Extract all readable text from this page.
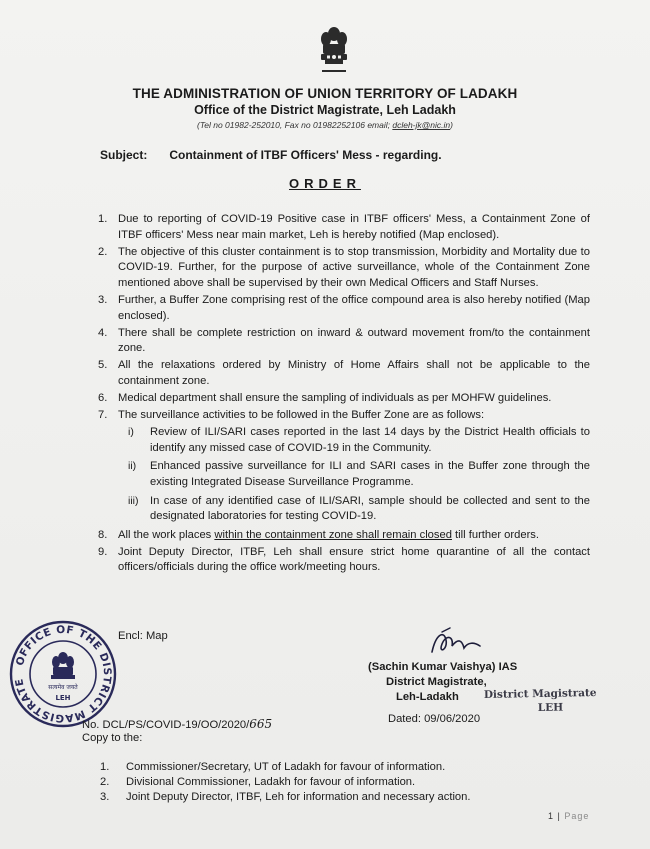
THE ADMINISTRATION OF UNION TERRITORY OF LADAKH
Office of the District Magistrate, Leh Ladakh
(Tel no 01982-252010, Fax no 01982252106 email; dcleh-jk@nic.in)
Subject: Containment of ITBF Officers' Mess - regarding.
ORDER
1. Due to reporting of COVID-19 Positive case in ITBF officers' Mess, a Containment Zone of ITBF officers' Mess near main market, Leh is hereby notified (Map enclosed).
2. The objective of this cluster containment is to stop transmission, Morbidity and Mortality due to COVID-19. Further, for the purpose of active surveillance, whole of the Containment Zone mentioned above shall be supervised by their own Medical Officers and Staff Nurses.
3. Further, a Buffer Zone comprising rest of the office compound area is also hereby notified (Map enclosed).
4. There shall be complete restriction on inward & outward movement from/to the containment zone.
5. All the relaxations ordered by Ministry of Home Affairs shall not be applicable to the containment zone.
6. Medical department shall ensure the sampling of individuals as per MOHFW guidelines.
7. The surveillance activities to be followed in the Buffer Zone are as follows:
i) Review of ILI/SARI cases reported in the last 14 days by the District Health officials to identify any missed case of COVID-19 in the Community.
ii) Enhanced passive surveillance for ILI and SARI cases in the Buffer zone through the existing Integrated Disease Surveillance Programme.
iii) In case of any identified case of ILI/SARI, sample should be collected and sent to the designated laboratories for testing COVID-19.
8. All the work places within the containment zone shall remain closed till further orders.
9. Joint Deputy Director, ITBF, Leh shall ensure strict home quarantine of all the contact officers/officials during the office work/meeting hours.
OFFICE OF THE DISTRICT MAGISTRATE
सत्यमेव जयते
LEH
Encl: Map
(Sachin Kumar Vaishya) IAS
District Magistrate,
Leh-Ladakh	District Magistrate
LEH
No. DCL/PS/COVID-19/OO/2020/665	Dated: 09/06/2020
Copy to the:
1. Commissioner/Secretary, UT of Ladakh for favour of information.
2. Divisional Commissioner, Ladakh for favour of information.
3. Joint Deputy Director, ITBF, Leh for information and necessary action.
1 | Page
